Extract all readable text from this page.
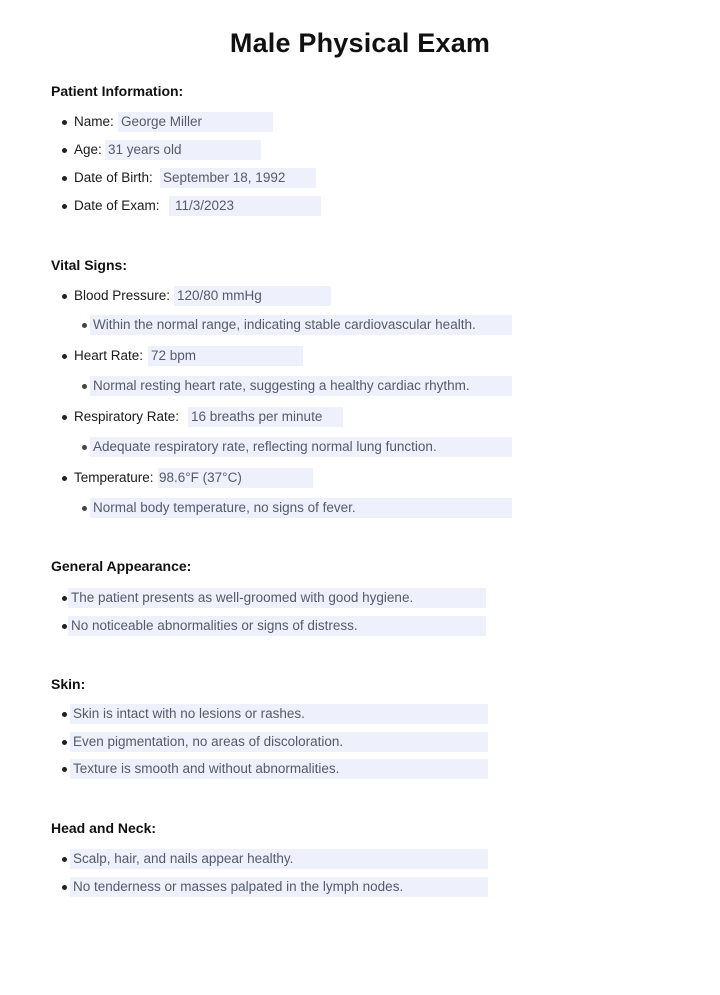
Male Physical Exam
Patient Information:
Name: George Miller
Age: 31 years old
Date of Birth: September 18, 1992
Date of Exam:	11/3/2023
Vital Signs:
Blood Pressure: 120/80 mmHg
Within the normal range, indicating stable cardiovascular health.
Heart Rate: 72 bpm
Normal resting heart rate, suggesting a healthy cardiac rhythm.
Respiratory Rate: 16 breaths per minute
Adequate respiratory rate, reflecting normal lung function.
Temperature: 98.6°F (37°C)
Normal body temperature, no signs of fever.
General Appearance:
The patient presents as well-groomed with good hygiene.
No noticeable abnormalities or signs of distress.
Skin:
Skin is intact with no lesions or rashes.
Even pigmentation, no areas of discoloration.
Texture is smooth and without abnormalities.
Head and Neck:
Scalp, hair, and nails appear healthy.
No tenderness or masses palpated in the lymph nodes.
